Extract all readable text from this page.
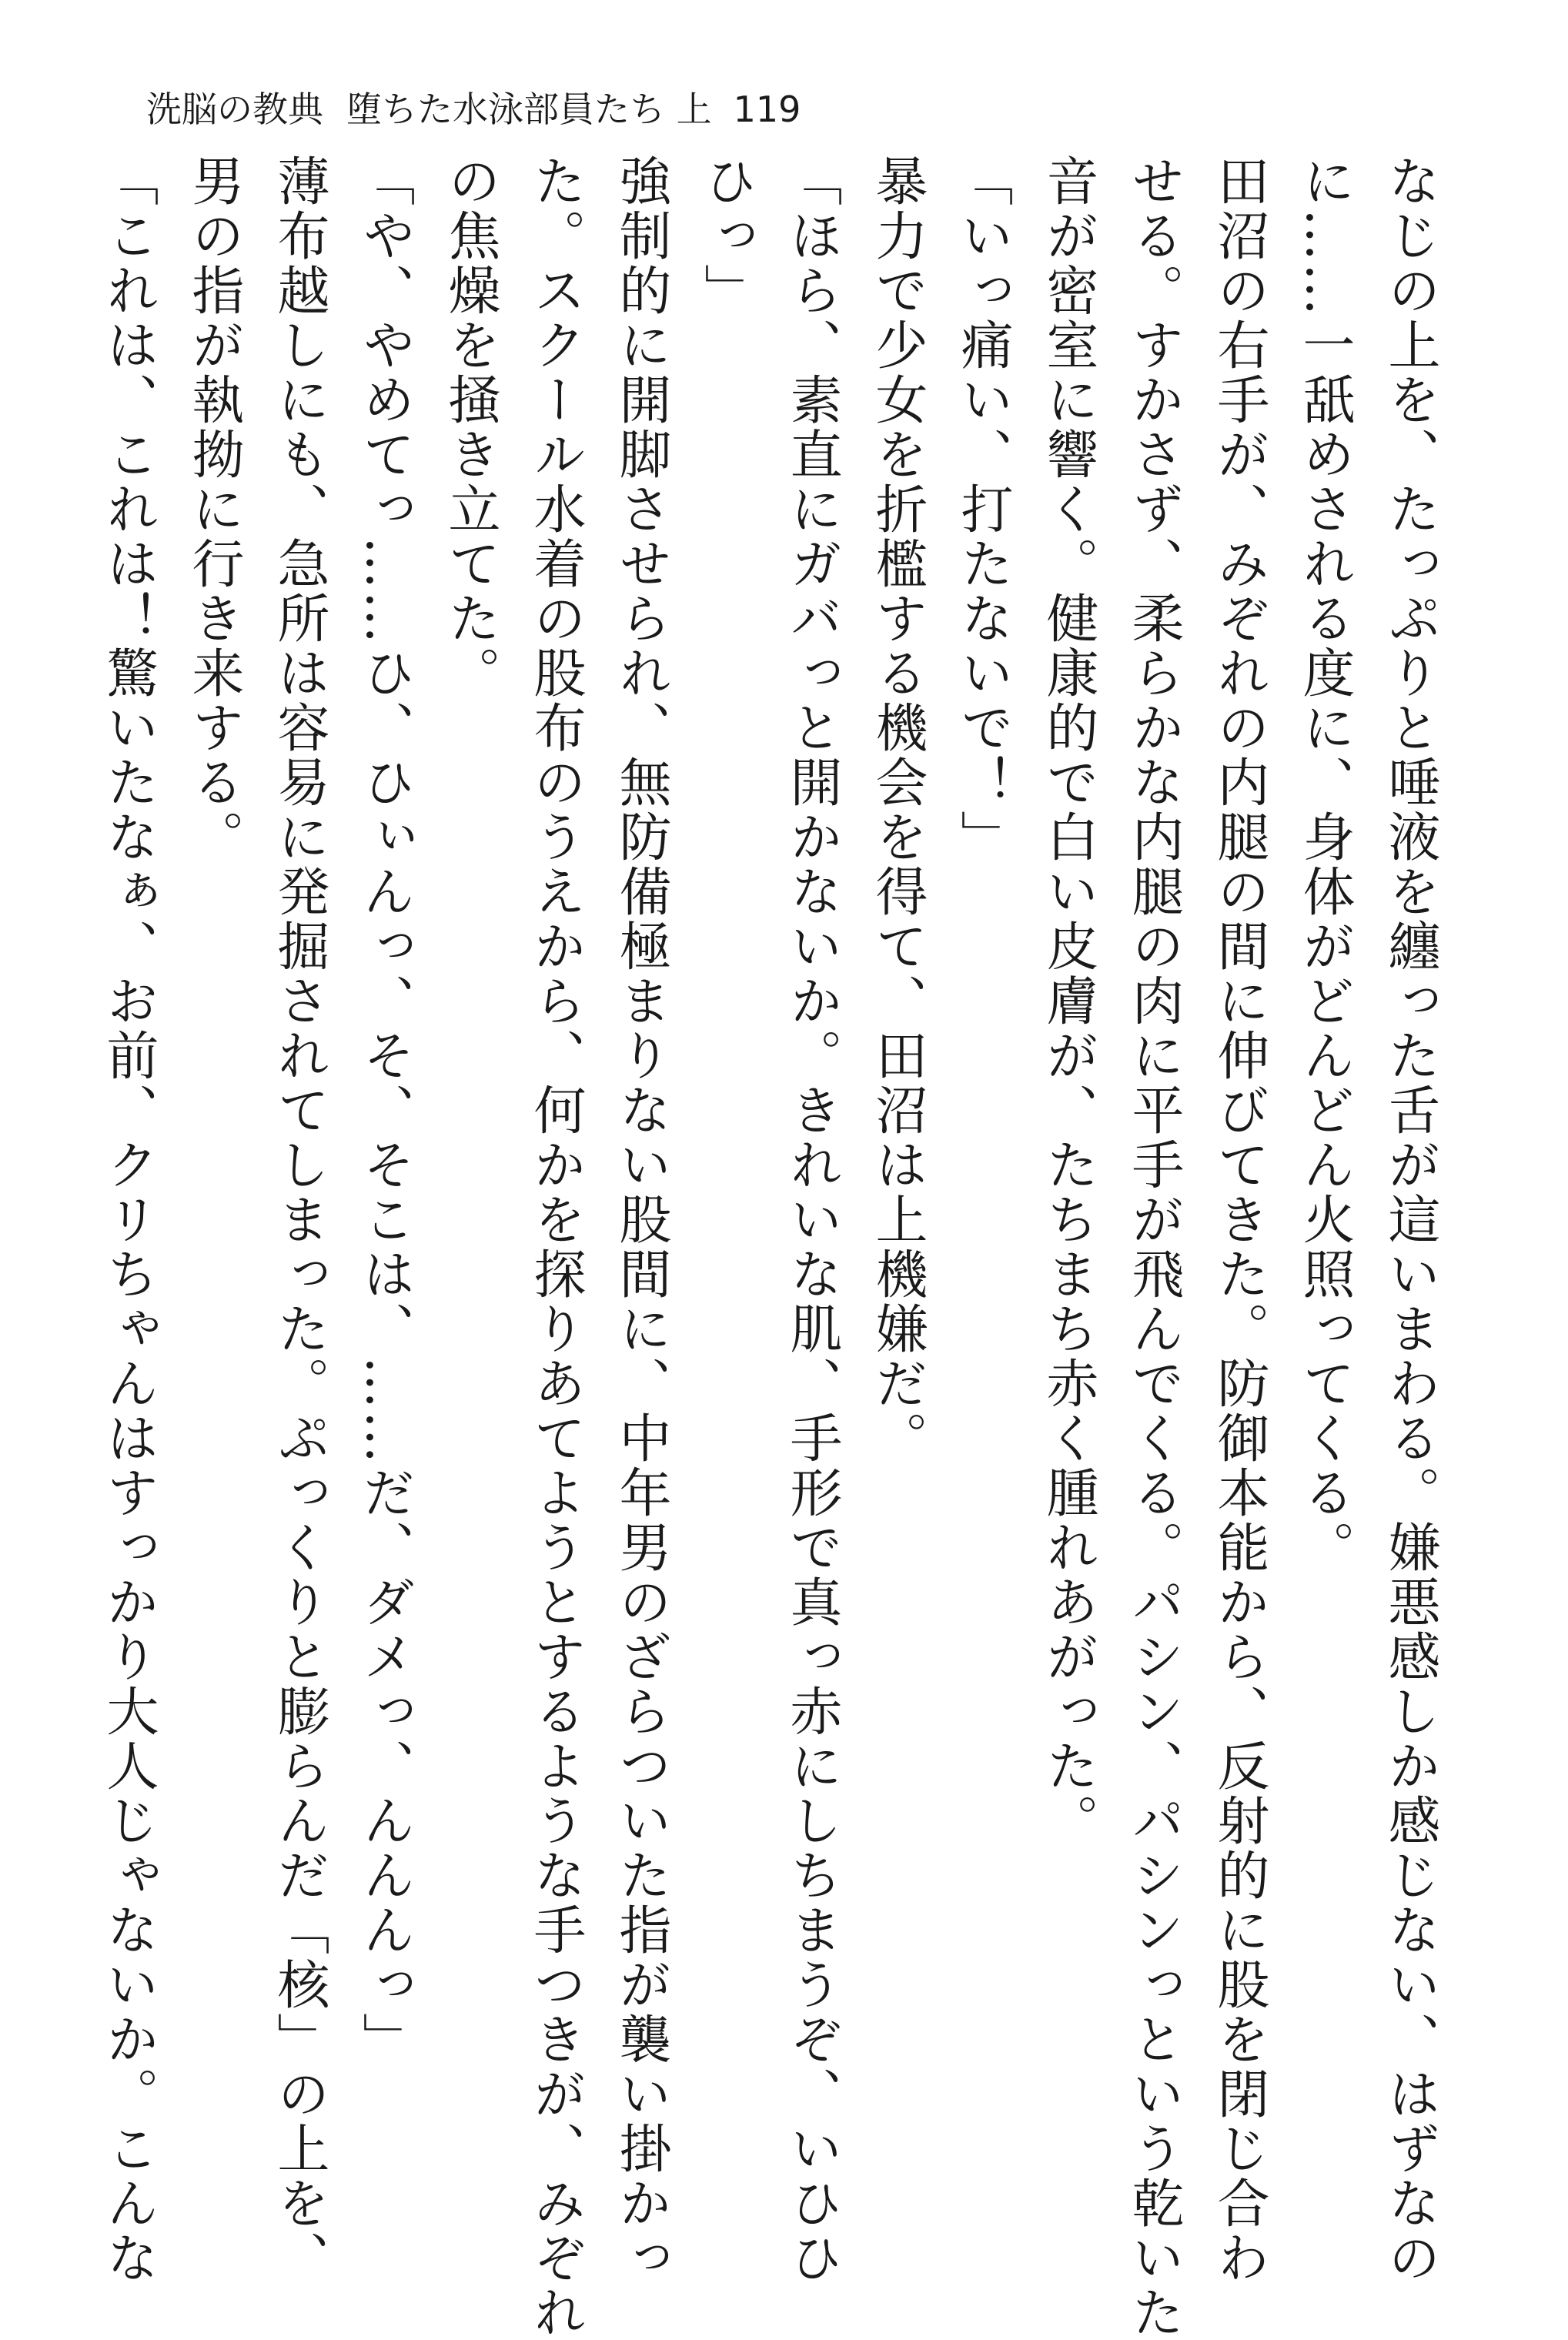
洗脳の教典 堕ちた水泳部員たち 上 119

なじの上を、たっぷりと唾液を纏った舌が這いまわる。嫌悪感しか感じない、はずなの

に……一舐めされる度に、身体がどんどん火照ってくる。

田沼の右手が、みぞれの内腿の間に伸びてきた。防御本能から、反射的に股を閉じ合わ

せる。すかさず、柔らかな内腿の肉に平手が飛んでくる。パシン、パシンっという乾いた

音が密室に響く。健康的で白い皮膚が、たちまち赤く腫れあがった。

「いっ痛い、打たないで！」

暴力で少女を折檻する機会を得て、田沼は上機嫌だ。

「ほら、素直にガバっと開かないか。きれいな肌、手形で真っ赤にしちまうぞ、いひひ

ひっ」

強制的に開脚させられ、無防備極まりない股間に、中年男のざらついた指が襲い掛かっ

た。スクール水着の股布のうえから、何かを探りあてようとするような手つきが、みぞれ

の焦燥を掻き立てた。

「や、やめてっ……ひ、ひぃんっ、そ、そこは、……だ、ダメっ、んんんっ」

薄布越しにも、急所は容易に発掘されてしまった。ぷっくりと膨らんだ「核」の上を、

男の指が執拗に行き来する。

「これは、これは！驚いたなぁ、お前、クリちゃんはすっかり大人じゃないか。こんな
